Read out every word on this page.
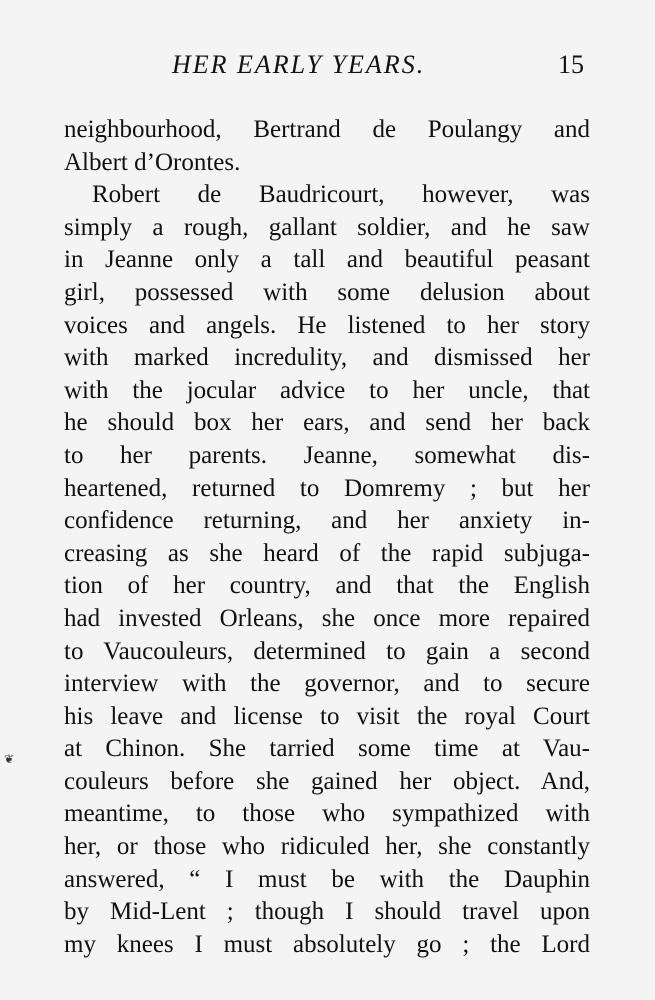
HER EARLY YEARS.	15
❦
neighbourhood, Bertrand de Poulangy and
Albert d’Orontes.
Robert de Baudricourt, however, was
simply a rough, gallant soldier, and he saw
in Jeanne only a tall and beautiful peasant
girl, possessed with some delusion about
voices and angels. He listened to her story
with marked incredulity, and dismissed her
with the jocular advice to her uncle, that
he should box her ears, and send her back
to her parents. Jeanne, somewhat dis-
heartened, returned to Domremy ; but her
confidence returning, and her anxiety in-
creasing as she heard of the rapid subjuga-
tion of her country, and that the English
had invested Orleans, she once more repaired
to Vaucouleurs, determined to gain a second
interview with the governor, and to secure
his leave and license to visit the royal Court
at Chinon. She tarried some time at Vau-
couleurs before she gained her object. And,
meantime, to those who sympathized with
her, or those who ridiculed her, she constantly
answered, “ I must be with the Dauphin
by Mid-Lent ; though I should travel upon
my knees I must absolutely go ; the Lord
